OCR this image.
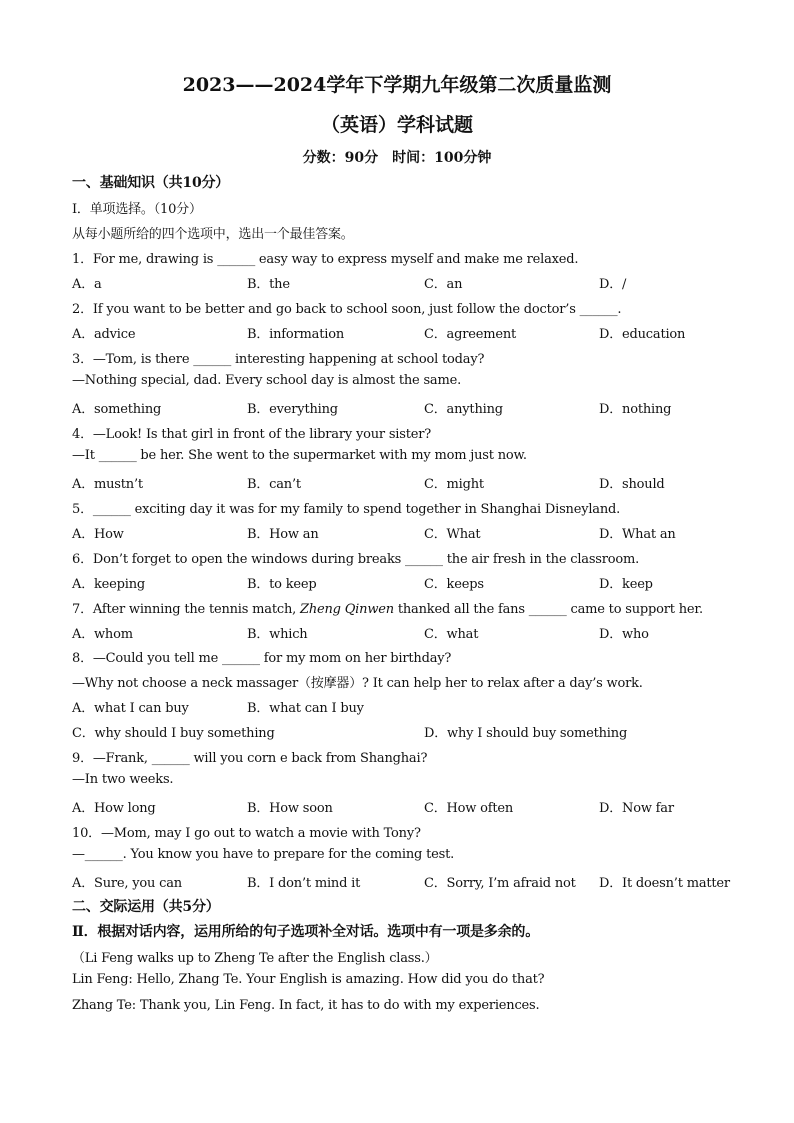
2023——2024学年下学期九年级第二次质量监测
（英语）学科试题
分数：90分　时间：100分钟
一、基础知识（共10分）
Ⅰ．单项选择。（10分）
从每小题所给的四个选项中，选出一个最佳答案。
1．For me, drawing is ______ easy way to express myself and make me relaxed.
A．a	B．the	C．an	D．/
2．If you want to be better and go back to school soon, just follow the doctor’s ______.
A．advice	B．information	C．agreement	D．education
3．—Tom, is there ______ interesting happening at school today?
—Nothing special, dad. Every school day is almost the same.
A．something	B．everything	C．anything	D．nothing
4．—Look! Is that girl in front of the library your sister?
—It ______ be her. She went to the supermarket with my mom just now.
A．mustn’t	B．can’t	C．might	D．should
5．______ exciting day it was for my family to spend together in Shanghai Disneyland.
A．How	B．How an	C．What	D．What an
6．Don’t forget to open the windows during breaks ______ the air fresh in the classroom.
A．keeping	B．to keep	C．keeps	D．keep
7．After winning the tennis match, Zheng Qinwen thanked all the fans ______ came to support her.
A．whom	B．which	C．what	D．who
8．—Could you tell me ______ for my mom on her birthday?
—Why not choose a neck massager（按摩器）? It can help her to relax after a day’s work.
A．what I can buy	B．what can I buy
C．why should I buy something	D．why I should buy something
9．—Frank, ______ will you corn e back from Shanghai?
—In two weeks.
A．How long	B．How soon	C．How often	D．Now far
10．—Mom, may I go out to watch a movie with Tony?
—______. You know you have to prepare for the coming test.
A．Sure, you can	B．I don’t mind it	C．Sorry, I’m afraid not D．It doesn’t matter
二、交际运用（共5分）
Ⅱ．根据对话内容，运用所给的句子选项补全对话。选项中有一项是多余的。
（Li Feng walks up to Zheng Te after the English class.）
Lin Feng: Hello, Zhang Te. Your English is amazing. How did you do that?
Zhang Te: Thank you, Lin Feng. In fact, it has to do with my experiences.
